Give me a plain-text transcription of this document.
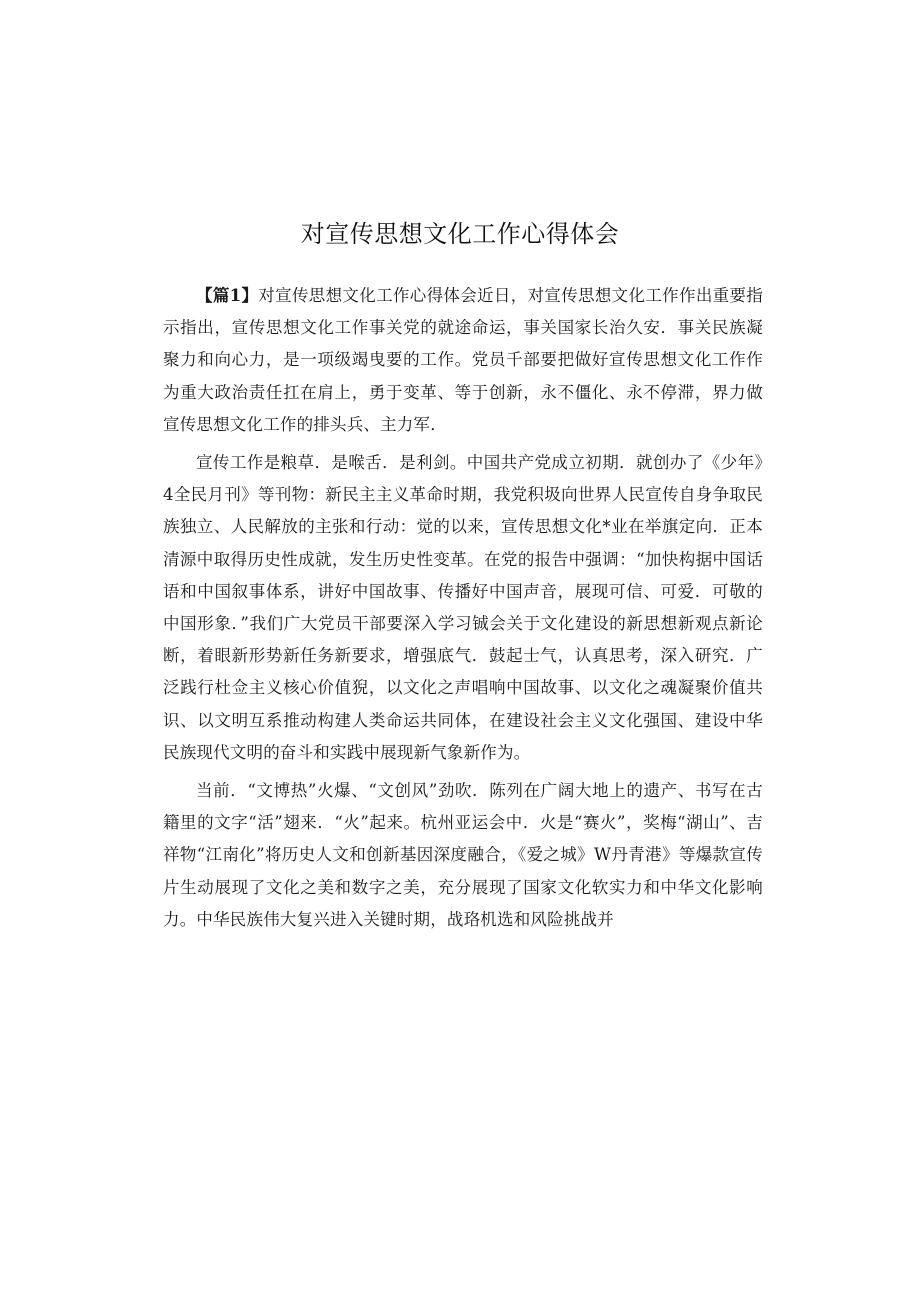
对宣传思想文化工作心得体会

【篇1】对宣传思想文化工作心得体会近日，对宣传思想文化工作作出重要指示指出，宣传思想文化工作事关党的就途命运，事关国家长治久安．事关民族凝聚力和向心力，是一项级竭曳要的工作。党员千部要把做好宣传思想文化工作作为重大政治责任扛在肩上，勇于变革、等于创新，永不僵化、永不停滞，界力做宣传思想文化工作的排头兵、主力军．

宣传工作是粮草．是喉舌．是利剑。中国共产党成立初期．就创办了《少年》4全民月刊》等刊物：新民主主义革命时期，我党积圾向世界人民宣传自身争取民族独立、人民解放的主张和行动：觉的以来，宣传思想文化*业在举旗定向．正本清源中取得历史性成就，发生历史性变革。在党的报告中强调：“加快构据中国话语和中国叙事体系，讲好中国故事、传播好中国声音，展现可信、可爱．可敬的中国形象．”我们广大党员干部要深入学习铖会关于文化建设的新思想新观点新论断，着眼新形势新任务新要求，增强底气．鼓起士气，认真思考，深入研究．广泛践行杜佥主义核心价值猊，以文化之声唱响中国故事、以文化之魂凝聚价值共识、以文明互系推动构建人类命运共同体，在建设社会主义文化强国、建设中华民族现代文明的奋斗和实践中展现新气象新作为。

当前．“文博热”火爆、“文创风”劲吹．陈列在广阔大地上的遗产、书写在古籍里的文字“活”翅来．“火”起来。杭州亚运会中．火是“赛火”，奖梅“湖山”、吉祥物“江南化”将历史人文和创新基因深度融合，《爱之城》W丹青港》等爆款宣传片生动展现了文化之美和数字之美，充分展现了国家文化软实力和中华文化影响力。中华民族伟大复兴进入关键时期，战珞机选和风险挑战并
